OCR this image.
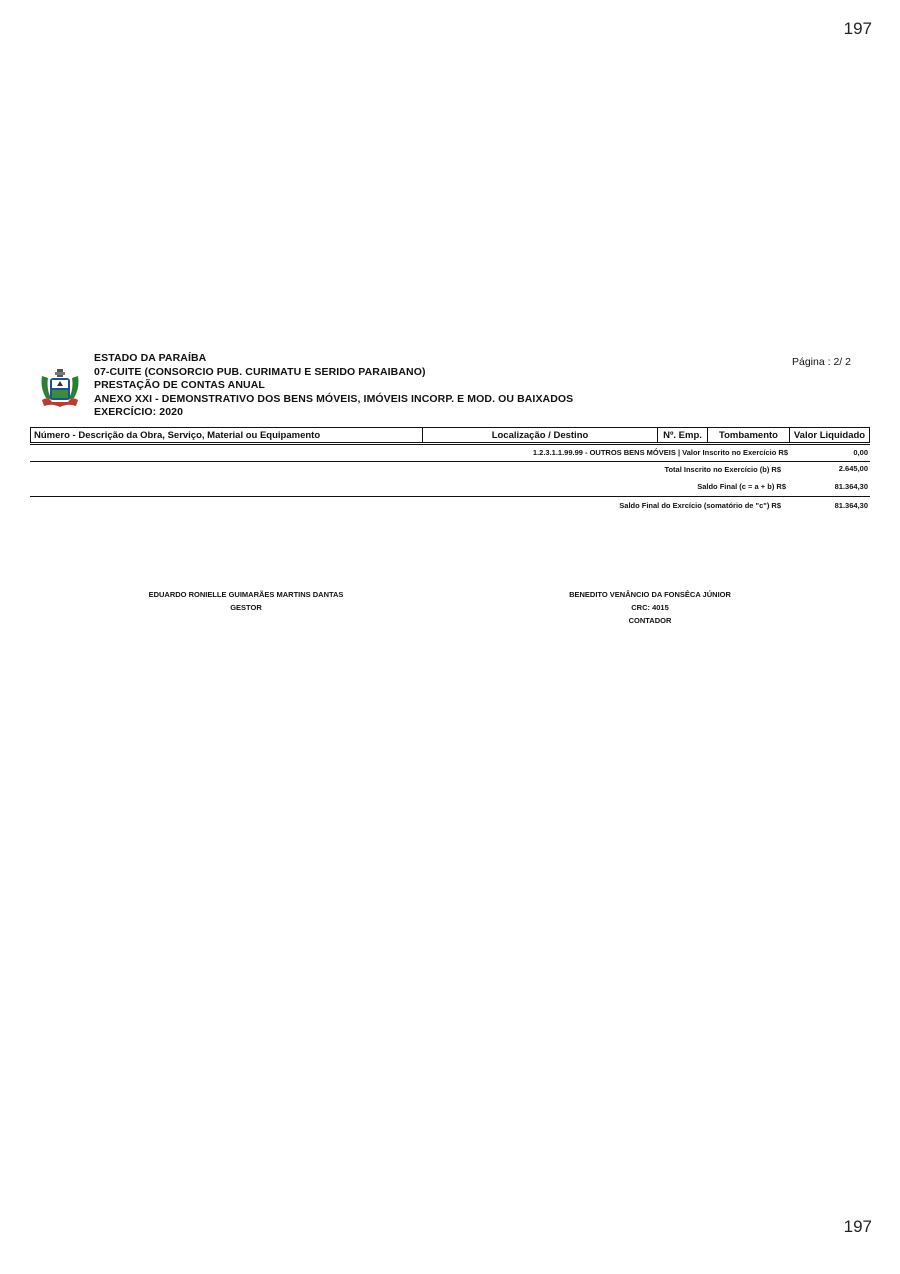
197
197
ESTADO DA PARAÍBA
07-CUITE (CONSORCIO PUB. CURIMATU E SERIDO PARAIBANO)
PRESTAÇÃO DE CONTAS ANUAL
ANEXO XXI - DEMONSTRATIVO DOS BENS MÓVEIS, IMÓVEIS INCORP. E MOD. OU BAIXADOS
EXERCÍCIO: 2020
Página : 2/ 2
Número - Descrição da Obra, Serviço, Material ou Equipamento	Localização / Destino	Nº. Emp.	Tombamento	Valor Liquidado
1.2.3.1.1.99.99 - OUTROS BENS MÓVEIS | Valor Inscrito no Exercício R$	0,00
Total Inscrito no Exercício (b) R$	2.645,00
Saldo Final (c = a + b) R$	81.364,30
Saldo Final do Exrcício (somatório de "c") R$	81.364,30
EDUARDO RONIELLE GUIMARÃES MARTINS DANTAS
GESTOR
BENEDITO VENÂNCIO DA FONSÊCA JÚNIOR
CRC: 4015
CONTADOR
